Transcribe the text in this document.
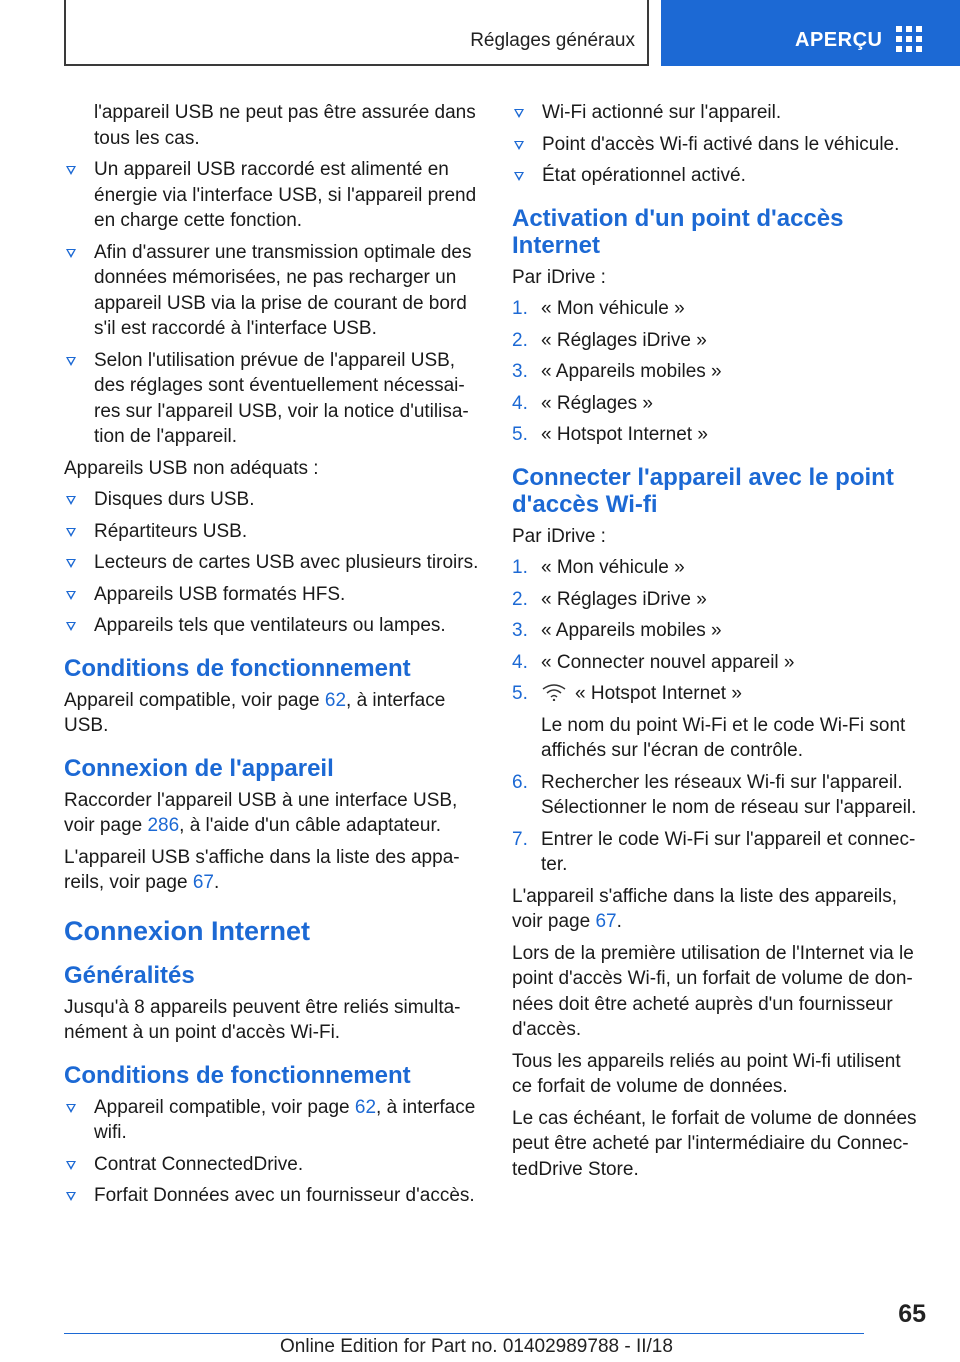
Réglages généraux	APERÇU
l'appareil USB ne peut pas être assurée dans tous les cas.
Un appareil USB raccordé est alimenté en énergie via l'interface USB, si l'appareil prend en charge cette fonction.
Afin d'assurer une transmission optimale des données mémorisées, ne pas recharger un appareil USB via la prise de courant de bord s'il est raccordé à l'interface USB.
Selon l'utilisation prévue de l'appareil USB, des réglages sont éventuellement nécessai‐res sur l'appareil USB, voir la notice d'utilisa‐tion de l'appareil.
Appareils USB non adéquats :
Disques durs USB.
Répartiteurs USB.
Lecteurs de cartes USB avec plusieurs tiroirs.
Appareils USB formatés HFS.
Appareils tels que ventilateurs ou lampes.
Conditions de fonctionnement
Appareil compatible, voir page 62, à interface USB.
Connexion de l'appareil
Raccorder l'appareil USB à une interface USB, voir page 286, à l'aide d'un câble adaptateur.
L'appareil USB s'affiche dans la liste des appa‐reils, voir page 67.
Connexion Internet
Généralités
Jusqu'à 8 appareils peuvent être reliés simulta‐nément à un point d'accès Wi-Fi.
Conditions de fonctionnement
Appareil compatible, voir page 62, à interface wifi.
Contrat ConnectedDrive.
Forfait Données avec un fournisseur d'accès.
Wi-Fi actionné sur l'appareil.
Point d'accès Wi-fi activé dans le véhicule.
État opérationnel activé.
Activation d'un point d'accès Internet
Par iDrive :
1. « Mon véhicule »
2. « Réglages iDrive »
3. « Appareils mobiles »
4. « Réglages »
5. « Hotspot Internet »
Connecter l'appareil avec le point d'accès Wi-fi
Par iDrive :
1. « Mon véhicule »
2. « Réglages iDrive »
3. « Appareils mobiles »
4. « Connecter nouvel appareil »
5. « Hotspot Internet »
Le nom du point Wi-Fi et le code Wi-Fi sont affichés sur l'écran de contrôle.
6. Rechercher les réseaux Wi-fi sur l'appareil. Sélectionner le nom de réseau sur l'appareil.
7. Entrer le code Wi-Fi sur l'appareil et connec‐ter.
L'appareil s'affiche dans la liste des appareils, voir page 67.
Lors de la première utilisation de l'Internet via le point d'accès Wi-fi, un forfait de volume de don‐nées doit être acheté auprès d'un fournisseur d'accès.
Tous les appareils reliés au point Wi-fi utilisent ce forfait de volume de données.
Le cas échéant, le forfait de volume de données peut être acheté par l'intermédiaire du Connec‐tedDrive Store.
65
Online Edition for Part no. 01402989788 - II/18
